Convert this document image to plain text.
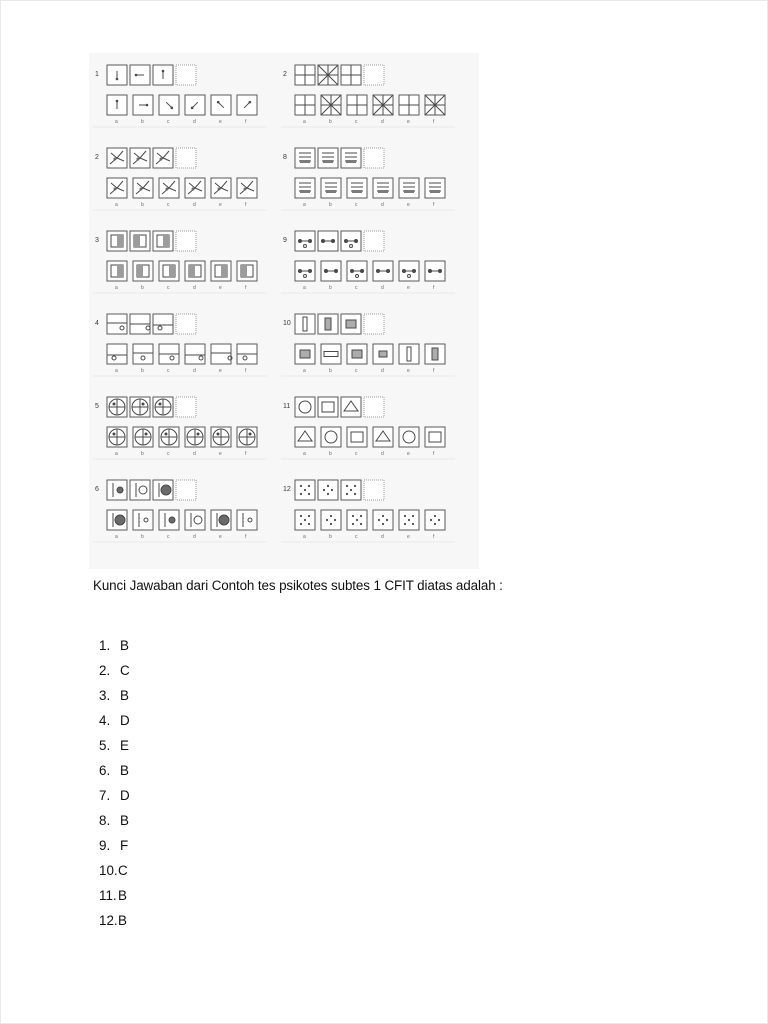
1
a	b	c	d	e	f
2
a	b	c	d	e	f
3
a	b	c	d	e	f
4
a	b	c	d	e	f
5
a	b	c	d	e	f
6
a	b	c	d	e	f
2
a	b	c	d	e	f
8
a	b	c	d	e	f
9
a	b	c	d	e	f
10
a	b	c	d	e	f
11
a	b	c	d	e	f
12
a	b	c	d	e	f
Kunci Jawaban dari Contoh tes psikotes subtes 1 CFIT diatas adalah :
1. B
2. C
3. B
4. D
5. E
6. B
7. D
8. B
9. F
10.C
11.B
12.B
